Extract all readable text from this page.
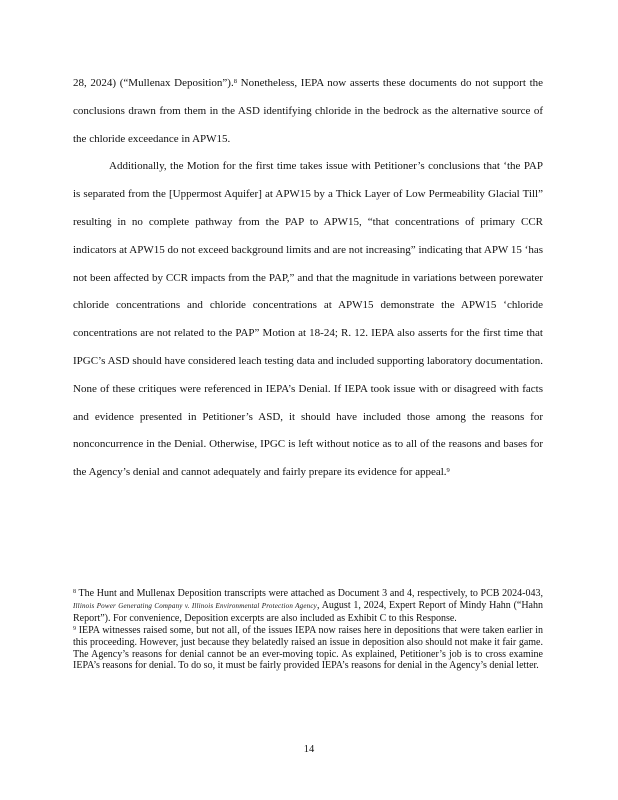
28, 2024) (“Mullenax Deposition”).$^8$ Nonetheless, IEPA now asserts these documents do not support the conclusions drawn from them in the ASD identifying chloride in the bedrock as the alternative source of the chloride exceedance in APW15.

Additionally, the Motion for the first time takes issue with Petitioner’s conclusions that ‘the PAP is separated from the [Uppermost Aquifer] at APW15 by a Thick Layer of Low Permeability Glacial Till” resulting in no complete pathway from the PAP to APW15, “that concentrations of primary CCR indicators at APW15 do not exceed background limits and are not increasing” indicating that APW 15 ‘has not been affected by CCR impacts from the PAP,” and that the magnitude in variations between porewater chloride concentrations and chloride concentrations at APW15 demonstrate the APW15 ‘chloride concentrations are not related to the PAP” Motion at 18-24; R. 12. IEPA also asserts for the first time that IPGC’s ASD should have considered leach testing data and included supporting laboratory documentation. None of these critiques were referenced in IEPA’s Denial. If IEPA took issue with or disagreed with facts and evidence presented in Petitioner’s ASD, it should have included those among the reasons for nonconcurrence in the Denial. Otherwise, IPGC is left without notice as to all of the reasons and bases for the Agency’s denial and cannot adequately and fairly prepare its evidence for appeal.$^9$

$^8$ The Hunt and Mullenax Deposition transcripts were attached as Document 3 and 4, respectively, to PCB 2024-043, Illinois Power Generating Company v. Illinois Environmental Protection Agency, August 1, 2024, Expert Report of Mindy Hahn (“Hahn Report”). For convenience, Deposition excerpts are also included as Exhibit C to this Response.

$^9$ IEPA witnesses raised some, but not all, of the issues IEPA now raises here in depositions that were taken earlier in this proceeding. However, just because they belatedly raised an issue in deposition also should not make it fair game. The Agency’s reasons for denial cannot be an ever-moving topic. As explained, Petitioner’s job is to cross examine IEPA’s reasons for denial. To do so, it must be fairly provided IEPA’s reasons for denial in the Agency’s denial letter.

14
